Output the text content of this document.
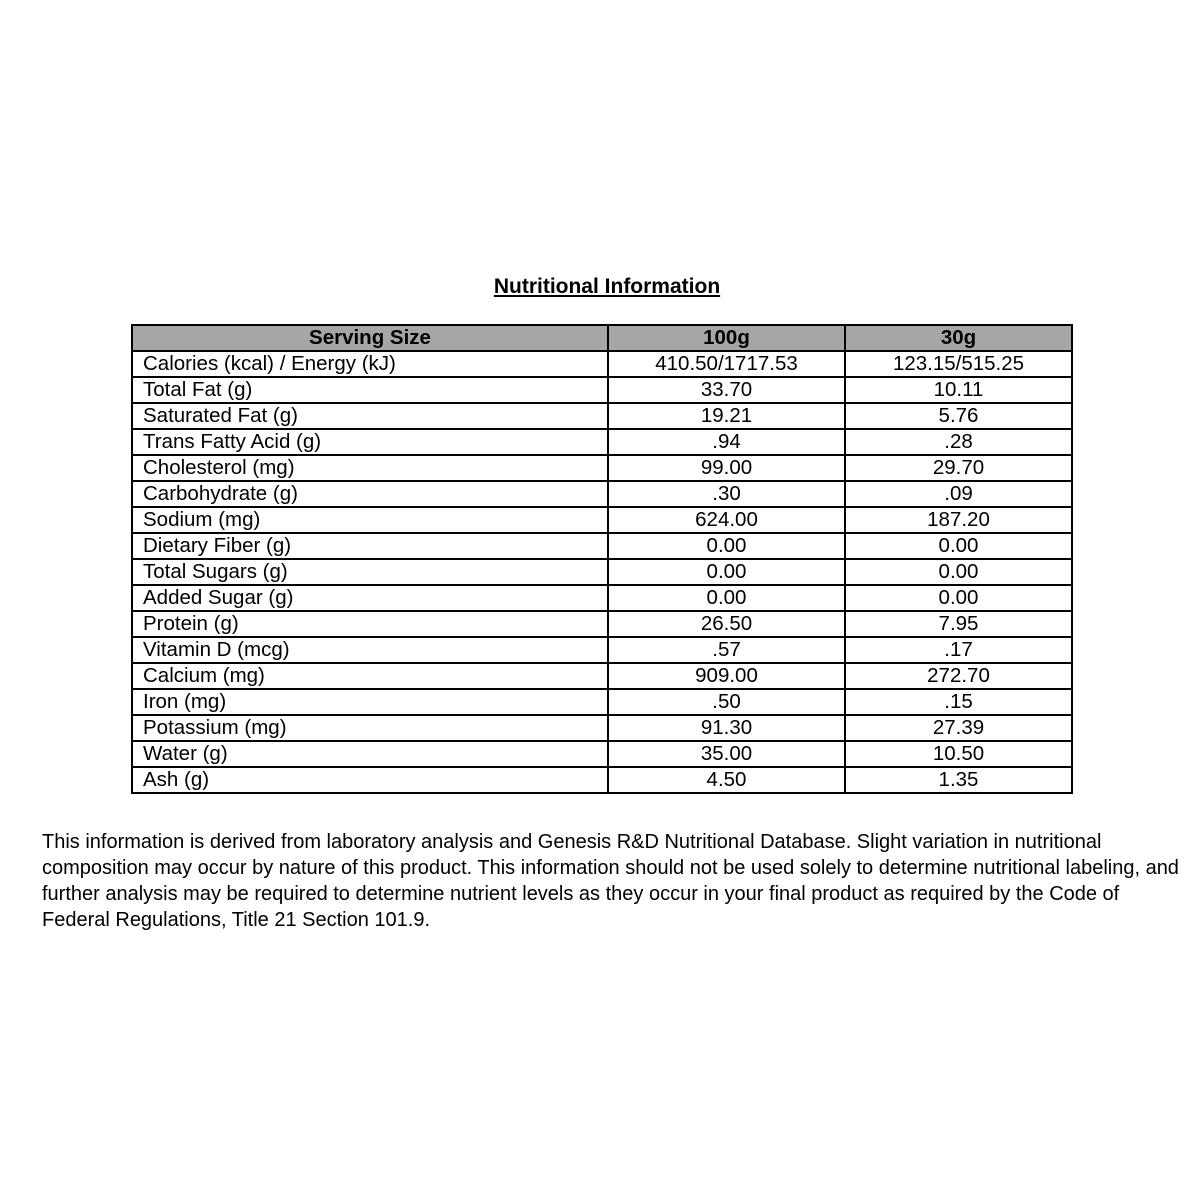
Nutritional Information
Serving Size	100g	30g
Calories (kcal) / Energy (kJ)	410.50/1717.53	123.15/515.25
Total Fat (g)	33.70	10.11
Saturated Fat (g)	19.21	5.76
Trans Fatty Acid (g)	.94	.28
Cholesterol (mg)	99.00	29.70
Carbohydrate (g)	.30	.09
Sodium (mg)	624.00	187.20
Dietary Fiber (g)	0.00	0.00
Total Sugars (g)	0.00	0.00
Added Sugar (g)	0.00	0.00
Protein (g)	26.50	7.95
Vitamin D (mcg)	.57	.17
Calcium (mg)	909.00	272.70
Iron (mg)	.50	.15
Potassium (mg)	91.30	27.39
Water (g)	35.00	10.50
Ash (g)	4.50	1.35

This information is derived from laboratory analysis and Genesis R&D Nutritional Database. Slight variation in nutritional composition may occur by nature of this product. This information should not be used solely to determine nutritional labeling, and further analysis may be required to determine nutrient levels as they occur in your final product as required by the Code of Federal Regulations, Title 21 Section 101.9.
